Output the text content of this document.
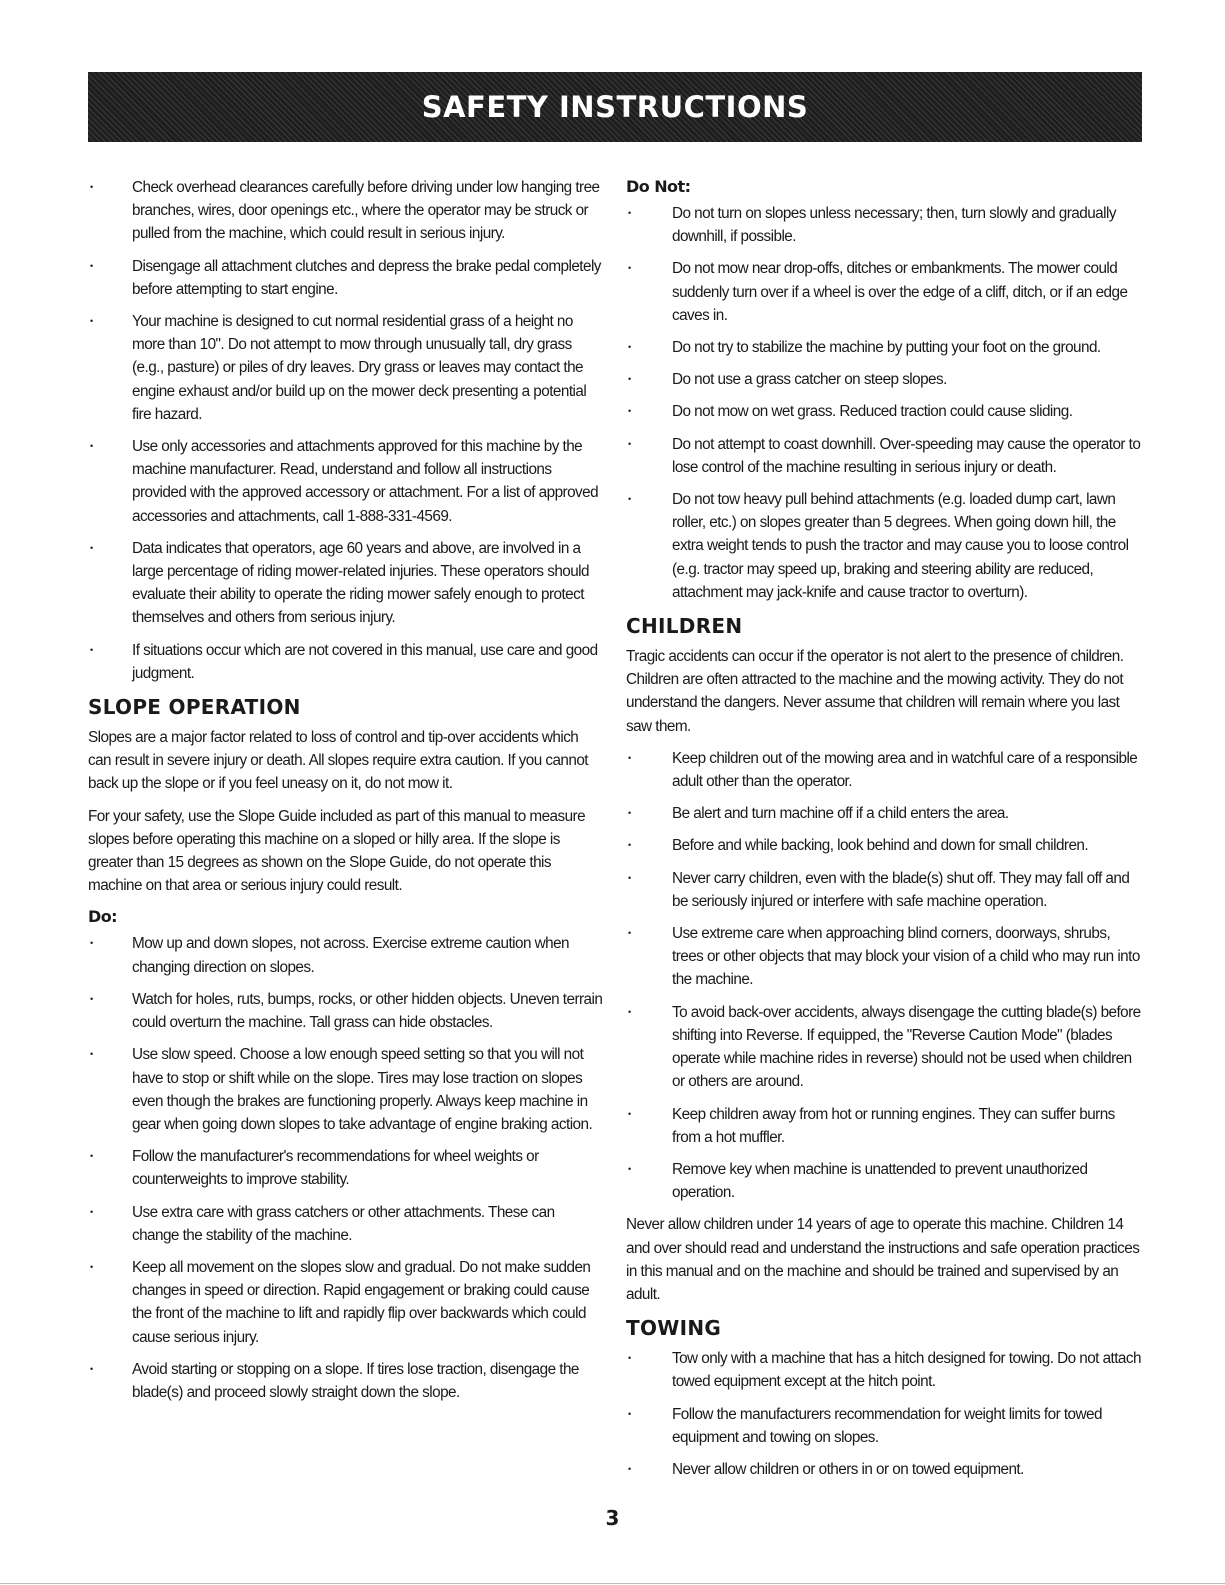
SAFETY INSTRUCTIONS
• Check overhead clearances carefully before driving under low hanging tree branches, wires, door openings etc., where the operator may be struck or pulled from the machine, which could result in serious injury.
• Disengage all attachment clutches and depress the brake pedal completely before attempting to start engine.
• Your machine is designed to cut normal residential grass of a height no more than 10". Do not attempt to mow through unusually tall, dry grass (e.g., pasture) or piles of dry leaves. Dry grass or leaves may contact the engine exhaust and/or build up on the mower deck presenting a potential fire hazard.
• Use only accessories and attachments approved for this machine by the machine manufacturer. Read, understand and follow all instructions provided with the approved accessory or attachment. For a list of approved accessories and attachments, call 1-888-331-4569.
• Data indicates that operators, age 60 years and above, are involved in a large percentage of riding mower-related injuries. These operators should evaluate their ability to operate the riding mower safely enough to protect themselves and others from serious injury.
• If situations occur which are not covered in this manual, use care and good judgment.
SLOPE OPERATION

Slopes are a major factor related to loss of control and tip-over accidents which can result in severe injury or death. All slopes require extra caution. If you cannot back up the slope or if you feel uneasy on it, do not mow it.

For your safety, use the Slope Guide included as part of this manual to measure slopes before operating this machine on a sloped or hilly area. If the slope is greater than 15 degrees as shown on the Slope Guide, do not operate this machine on that area or serious injury could result.

Do:
• Mow up and down slopes, not across. Exercise extreme caution when changing direction on slopes.
• Watch for holes, ruts, bumps, rocks, or other hidden objects. Uneven terrain could overturn the machine. Tall grass can hide obstacles.
• Use slow speed. Choose a low enough speed setting so that you will not have to stop or shift while on the slope. Tires may lose traction on slopes even though the brakes are functioning properly. Always keep machine in gear when going down slopes to take advantage of engine braking action.
• Follow the manufacturer's recommendations for wheel weights or counterweights to improve stability.
• Use extra care with grass catchers or other attachments. These can change the stability of the machine.
• Keep all movement on the slopes slow and gradual. Do not make sudden changes in speed or direction. Rapid engagement or braking could cause the front of the machine to lift and rapidly flip over backwards which could cause serious injury.
• Avoid starting or stopping on a slope. If tires lose traction, disengage the blade(s) and proceed slowly straight down the slope.
Do Not:
• Do not turn on slopes unless necessary; then, turn slowly and gradually downhill, if possible.
• Do not mow near drop-offs, ditches or embankments. The mower could suddenly turn over if a wheel is over the edge of a cliff, ditch, or if an edge caves in.
• Do not try to stabilize the machine by putting your foot on the ground.
• Do not use a grass catcher on steep slopes.
• Do not mow on wet grass. Reduced traction could cause sliding.
• Do not attempt to coast downhill. Over-speeding may cause the operator to lose control of the machine resulting in serious injury or death.
• Do not tow heavy pull behind attachments (e.g. loaded dump cart, lawn roller, etc.) on slopes greater than 5 degrees. When going down hill, the extra weight tends to push the tractor and may cause you to loose control (e.g. tractor may speed up, braking and steering ability are reduced, attachment may jack-knife and cause tractor to overturn).
CHILDREN

Tragic accidents can occur if the operator is not alert to the presence of children. Children are often attracted to the machine and the mowing activity. They do not understand the dangers. Never assume that children will remain where you last saw them.

• Keep children out of the mowing area and in watchful care of a responsible adult other than the operator.
• Be alert and turn machine off if a child enters the area.
• Before and while backing, look behind and down for small children.
• Never carry children, even with the blade(s) shut off. They may fall off and be seriously injured or interfere with safe machine operation.
• Use extreme care when approaching blind corners, doorways, shrubs, trees or other objects that may block your vision of a child who may run into the machine.
• To avoid back-over accidents, always disengage the cutting blade(s) before shifting into Reverse. If equipped, the "Reverse Caution Mode" (blades operate while machine rides in reverse) should not be used when children or others are around.
• Keep children away from hot or running engines. They can suffer burns from a hot muffler.
• Remove key when machine is unattended to prevent unauthorized operation.

Never allow children under 14 years of age to operate this machine. Children 14 and over should read and understand the instructions and safe operation practices in this manual and on the machine and should be trained and supervised by an adult.

TOWING
• Tow only with a machine that has a hitch designed for towing. Do not attach towed equipment except at the hitch point.
• Follow the manufacturers recommendation for weight limits for towed equipment and towing on slopes.
• Never allow children or others in or on towed equipment.
3
